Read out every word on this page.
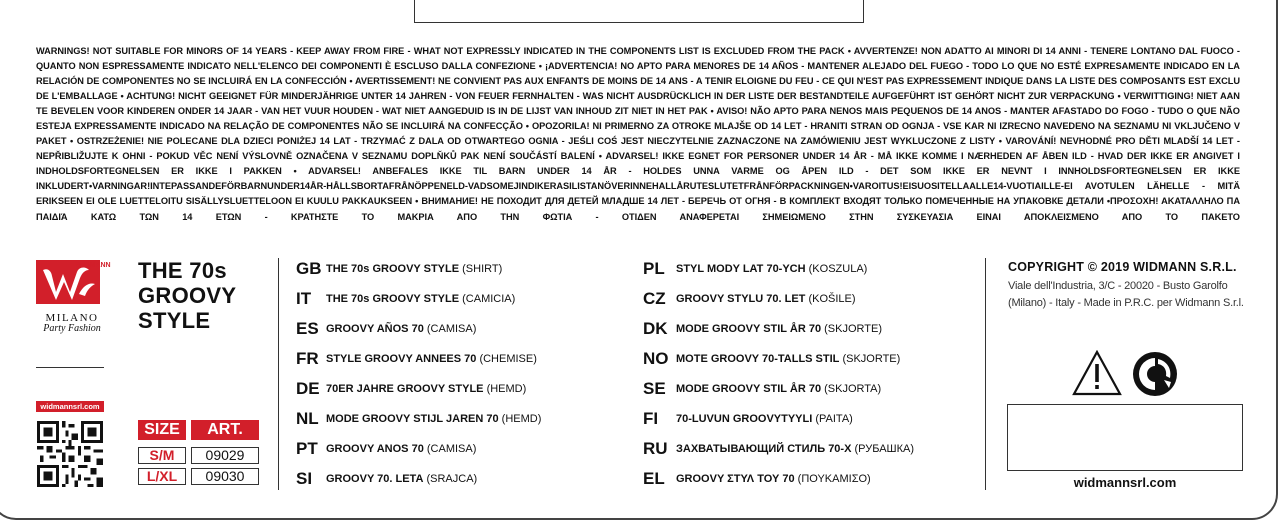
WARNINGS! NOT SUITABLE FOR MINORS OF 14 YEARS - KEEP AWAY FROM FIRE - WHAT NOT EXPRESSLY INDICATED IN THE COMPONENTS LIST IS EXCLUDED FROM THE PACK • AVVERTENZE! NON ADATTO AI MINORI DI 14 ANNI - TENERE LONTANO DAL FUOCO - QUANTO NON ESPRESSAMENTE INDICATO NELL'ELENCO DEI COMPONENTI È ESCLUSO DALLA CONFEZIONE • ¡ADVERTENCIA! NO APTO PARA MENORES DE 14 AÑOS - MANTENER ALEJADO DEL FUEGO - TODO LO QUE NO ESTÉ EXPRESAMENTE INDICADO EN LA RELACIÓN DE COMPONENTES NO SE INCLUIRÁ EN LA CONFECCIÓN • AVERTISSEMENT! NE CONVIENT PAS AUX ENFANTS DE MOINS DE 14 ANS - A TENIR ELOIGNE DU FEU - CE QUI N'EST PAS EXPRESSEMENT INDIQUE DANS LA LISTE DES COMPOSANTS EST EXCLU DE L'EMBALLAGE • ACHTUNG! NICHT GEEIGNET FÜR MINDERJÄHRIGE UNTER 14 JAHREN - VON FEUER FERNHALTEN - WAS NICHT AUSDRÜCKLICH IN DER LISTE DER BESTANDTEILE AUFGEFÜHRT IST GEHÖRT NICHT ZUR VERPACKUNG • VERWITTIGING! NIET AAN TE BEVELEN VOOR KINDEREN ONDER 14 JAAR - VAN HET VUUR HOUDEN - WAT NIET AANGEDUID IS IN DE LIJST VAN INHOUD ZIT NIET IN HET PAK • AVISO! NÃO APTO PARA NENOS MAIS PEQUENOS DE 14 ANOS - MANTER AFASTADO DO FOGO - TUDO O QUE NÃO ESTEJA EXPRESSAMENTE INDICADO NA RELAÇÃO DE COMPONENTES NÃO SE INCLUIRÁ NA CONFECÇÃO • OPOZORILA! NI PRIMERNO ZA OTROKE MLAJŠE OD 14 LET - HRANITI STRAN OD OGNJA - VSE KAR NI IZRECNO NAVEDENO NA SEZNAMU NI VKLJUČENO V PAKET • OSTRZEŻENIE! NIE POLECANE DLA DZIECI PONIŻEJ 14 LAT - TRZYMAĆ Z DALA OD OTWARTEGO OGNIA - JEŚLI COŚ JEST NIECZYTELNIE ZAZNACZONE NA ZAMÓWIENIU JEST WYKLUCZONE Z LISTY • VAROVÁNÍ! NEVHODNÉ PRO DĚTI MLADŠÍ 14 LET - NEPŘIBLIŽUJTE K OHNI - POKUD VĚC NENÍ VÝSLOVNĚ OZNAČENA V SEZNAMU DOPLŇKŮ PAK NENÍ SOUČÁSTÍ BALENÍ • ADVARSEL! IKKE EGNET FOR PERSONER UNDER 14 ÅR - MÅ IKKE KOMME I NÆRHEDEN AF ÅBEN ILD - HVAD DER IKKE ER ANGIVET I INDHOLDSFORTEGNELSEN ER IKKE I PAKKEN • ADVARSEL! ANBEFALES IKKE TIL BARN UNDER 14 ÅR - HOLDES UNNA VARME OG ÅPEN ILD - DET SOM IKKE ER NEVNT I INNHOLDSFORTEGNELSEN ER IKKE INKLUDERT•VARNINGAR!INTEPASSANDEFÖRBARNUNDER14ÅR-HÅLLSBORTAFRÅNÖPPENELD-VADSOMEJINDIKERASILISTANÖVERINNEHALLÅRUTESLUTETFRÅNFÖRPACKNINGEN•VAROITUS!EISUOSITELLAALLE14-VUOTIAILLE-EI AVOTULEN LÄHELLE - MITÄ ERIKSEEN EI OLE LUETTELOITU SISÄLLYSLUETTELOON EI KUULU PAKKAUKSEEN • ВНИМАНИЕ! НЕ ПОХОДИТ ДЛЯ ДЕТЕЙ МЛАДШЕ 14 ЛЕТ - БЕРЕЧЬ ОТ ОГНЯ - В КОМПЛЕКТ ВХОДЯТ ТОЛЬКО ПОМЕЧЕННЫЕ НА УПАКОВКЕ ДЕТАЛИ •ΠΡΟΣΟΧΗ! ΑΚΑΤΑΛΛΗΛΟ ΠΑ ΠΑΙΔΙΆ ΚΑΤΩ ΤΩΝ 14 ΕΤΩΝ - ΚΡΑΤΗΣΤΕ ΤΟ ΜΑΚΡΙΑ ΑΠΟ ΤΗΝ ΦΩΤΙΑ - ΟΤΙΔΕΝ ΑΝΑΦΕΡΕΤΑΙ ΣΗΜΕΙΩΜΕΝΟ ΣΤΗΝ ΣΥΣΚΕΥΑΣΙΑ ΕΙΝΑΙ ΑΠΟΚΛΕΙΣΜΕΝΟ ΑΠΟ ΤΟ ΠΑΚΕΤΟ
WIDMANN
MILANO
Party Fashion
THE 70s
GROOVY
STYLE
widmannsrl.com
SIZE	ART.
S/M	09029
L/XL	09030
GB THE 70s GROOVY STYLE (SHIRT)
IT THE 70s GROOVY STYLE (CAMICIA)
ES GROOVY AÑOS 70 (CAMISA)
FR STYLE GROOVY ANNEES 70 (CHEMISE)
DE 70ER JAHRE GROOVY STYLE (HEMD)
NL MODE GROOVY STIJL JAREN 70 (HEMD)
PT GROOVY ANOS 70 (CAMISA)
SI GROOVY 70. LETA (SRAJCA)
PL STYL MODY LAT 70-YCH (KOSZULA)
CZ GROOVY STYLU 70. LET (KOŠILE)
DK MODE GROOVY STIL ÅR 70 (SKJORTE)
NO MOTE GROOVY 70-TALLS STIL (SKJORTE)
SE MODE GROOVY STIL ÅR 70 (SKJORTA)
FI 70-LUVUN GROOVYTYYLI (PAITA)
RU ЗАХВАТЫВАЮЩИЙ СТИЛЬ 70-Х (РУБАШКА)
EL GROOVY ΣΤΥΛ ΤΟΥ 70 (ΠΟΥΚΑΜΙΣΟ)
COPYRIGHT © 2019 WIDMANN S.R.L.
Viale dell'Industria, 3/C - 20020 - Busto Garolfo (Milano) - Italy - Made in P.R.C. per Widmann S.r.l.
widmannsrl.com
